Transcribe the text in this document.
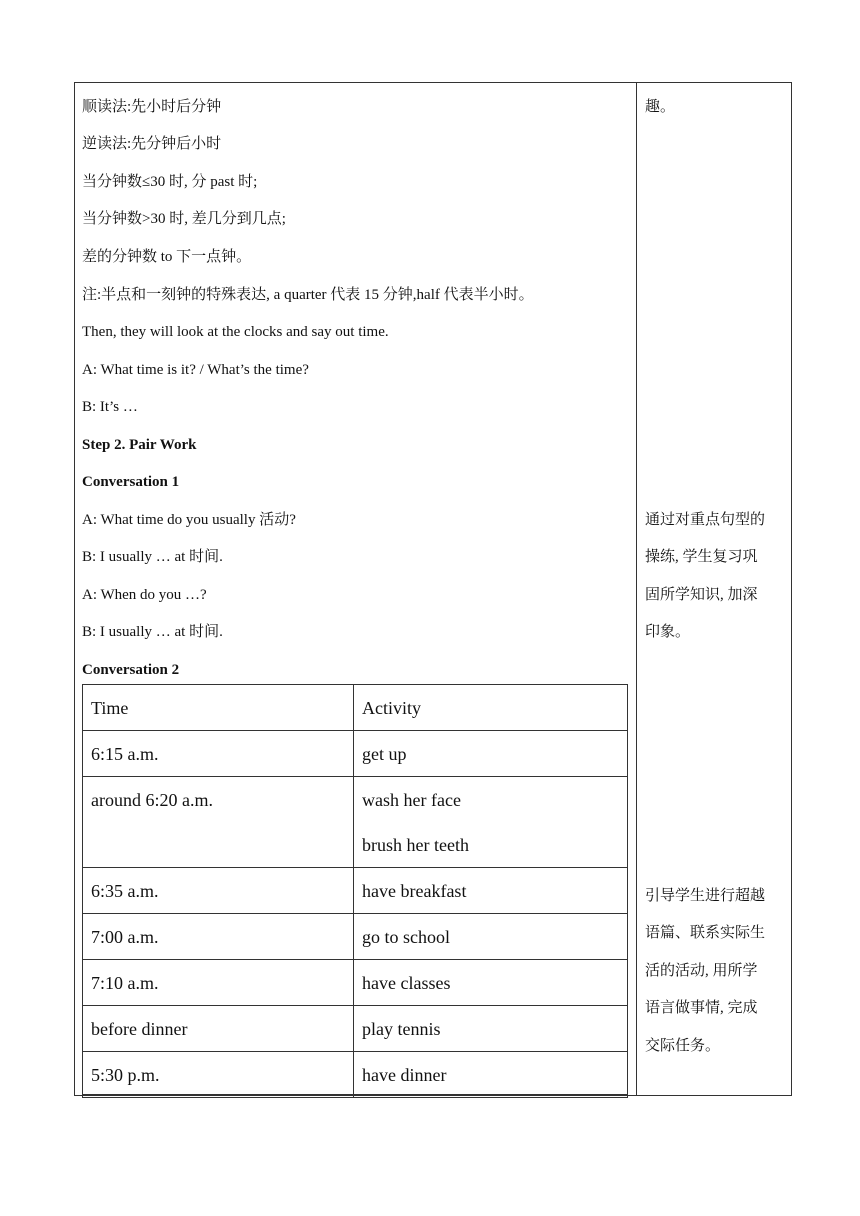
顺读法:先小时后分钟
逆读法:先分钟后小时
当分钟数≤30 时, 分 past 时;
当分钟数>30 时, 差几分到几点;
差的分钟数 to 下一点钟。
注:半点和一刻钟的特殊表达, a quarter 代表 15 分钟,half 代表半小时。
Then, they will look at the clocks and say out time.
A: What time is it? / What’s the time?
B: It’s …
Step 2. Pair Work
Conversation 1
A: What time do you usually 活动?
B: I usually … at 时间.
A: When do you …?
B: I usually … at 时间.
Conversation 2
Time	Activity

6:15 a.m.	get up

around 6:20 a.m.	wash her face
brush her teeth

6:35 a.m.	have breakfast

7:00 a.m.	go to school

7:10 a.m.	have classes

before dinner	play tennis

5:30 p.m.	have dinner
趣。
通过对重点句型的
操练, 学生复习巩
固所学知识, 加深
印象。
引导学生进行超越
语篇、联系实际生
活的活动, 用所学
语言做事情, 完成
交际任务。
